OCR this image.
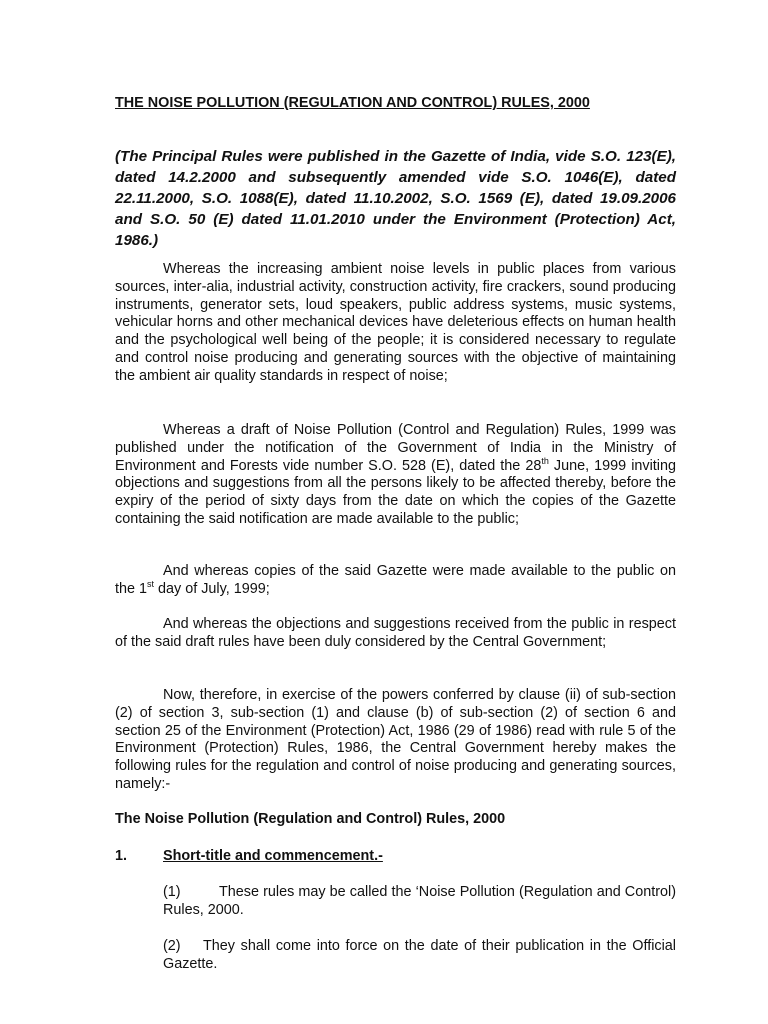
THE NOISE POLLUTION (REGULATION AND CONTROL) RULES, 2000
(The Principal Rules were published in the Gazette of India, vide S.O. 123(E), dated 14.2.2000 and subsequently amended vide S.O. 1046(E), dated 22.11.2000, S.O. 1088(E), dated 11.10.2002, S.O. 1569 (E), dated 19.09.2006 and S.O. 50 (E) dated 11.01.2010 under the Environment (Protection) Act, 1986.)
Whereas the increasing ambient noise levels in public places from various sources, inter-alia, industrial activity, construction activity, fire crackers, sound producing instruments, generator sets, loud speakers, public address systems, music systems, vehicular horns and other mechanical devices have deleterious effects on human health and the psychological well being of the people; it is considered necessary to regulate and control noise producing and generating sources with the objective of maintaining the ambient air quality standards in respect of noise;
Whereas a draft of Noise Pollution (Control and Regulation) Rules, 1999 was published under the notification of the Government of India in the Ministry of Environment and Forests vide number S.O. 528 (E), dated the 28th June, 1999 inviting objections and suggestions from all the persons likely to be affected thereby, before the expiry of the period of sixty days from the date on which the copies of the Gazette containing the said notification are made available to the public;
And whereas copies of the said Gazette were made available to the public on the 1st day of July, 1999;
And whereas the objections and suggestions received from the public in respect of the said draft rules have been duly considered by the Central Government;
Now, therefore, in exercise of the powers conferred by clause (ii) of sub-section (2) of section 3, sub-section (1) and clause (b) of sub-section (2) of section 6 and section 25 of the Environment (Protection) Act, 1986 (29 of 1986) read with rule 5 of the Environment (Protection) Rules, 1986, the Central Government hereby makes the following rules for the regulation and control of noise producing and generating sources, namely:-
The Noise Pollution (Regulation and Control) Rules, 2000
1. Short-title and commencement.-
(1)	These rules may be called the ‘Noise Pollution (Regulation and Control) Rules, 2000.
(2) They shall come into force on the date of their publication in the Official Gazette.
